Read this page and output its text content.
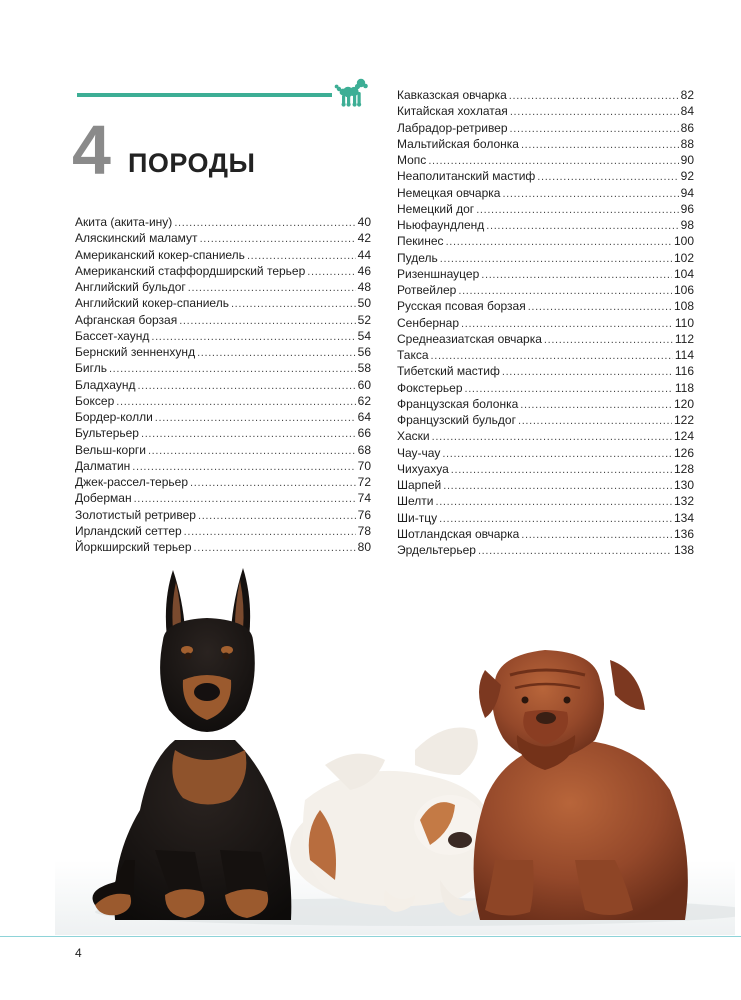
4 ПОРОДЫ
Акита (акита-ину) . . .	40
Аляскинский маламут . . .	42
Американский кокер-спаниель . . .	44
Американский стаффордширский терьер . . .	46
Английский бульдог . . .	48
Английский кокер-спаниель . . .	50
Афганская борзая . . .	52
Бассет-хаунд . . .	54
Бернский зенненхунд . . .	56
Бигль . . .	58
Бладхаунд . . .	60
Боксер . . .	62
Бордер-колли . . .	64
Бультерьер . . .	66
Вельш-корги . . .	68
Далматин . . .	70
Джек-рассел-терьер . . .	72
Доберман . . .	74
Золотистый ретривер . . .	76
Ирландский сеттер . . .	78
Йоркширский терьер . . .	80
Кавказская овчарка . . .	82
Китайская хохлатая . . .	84
Лабрадор-ретривер . . .	86
Мальтийская болонка . . .	88
Мопс . . .	90
Неаполитанский мастиф . . .	92
Немецкая овчарка . . .	94
Немецкий дог . . .	96
Ньюфаундленд . . .	98
Пекинес . . .	100
Пудель . . .	102
Ризеншнауцер . . .	104
Ротвейлер . . .	106
Русская псовая борзая . . .	108
Сенбернар . . .	110
Среднеазиатская овчарка . . .	112
Такса . . .	114
Тибетский мастиф . . .	116
Фокстерьер . . .	118
Французская болонка . . .	120
Французский бульдог . . .	122
Хаски . . .	124
Чау-чау . . .	126
Чихуахуа . . .	128
Шарпей . . .	130
Шелти . . .	132
Ши-тцу . . .	134
Шотландская овчарка . . .	136
Эрдельтерьер . . .	138
4
